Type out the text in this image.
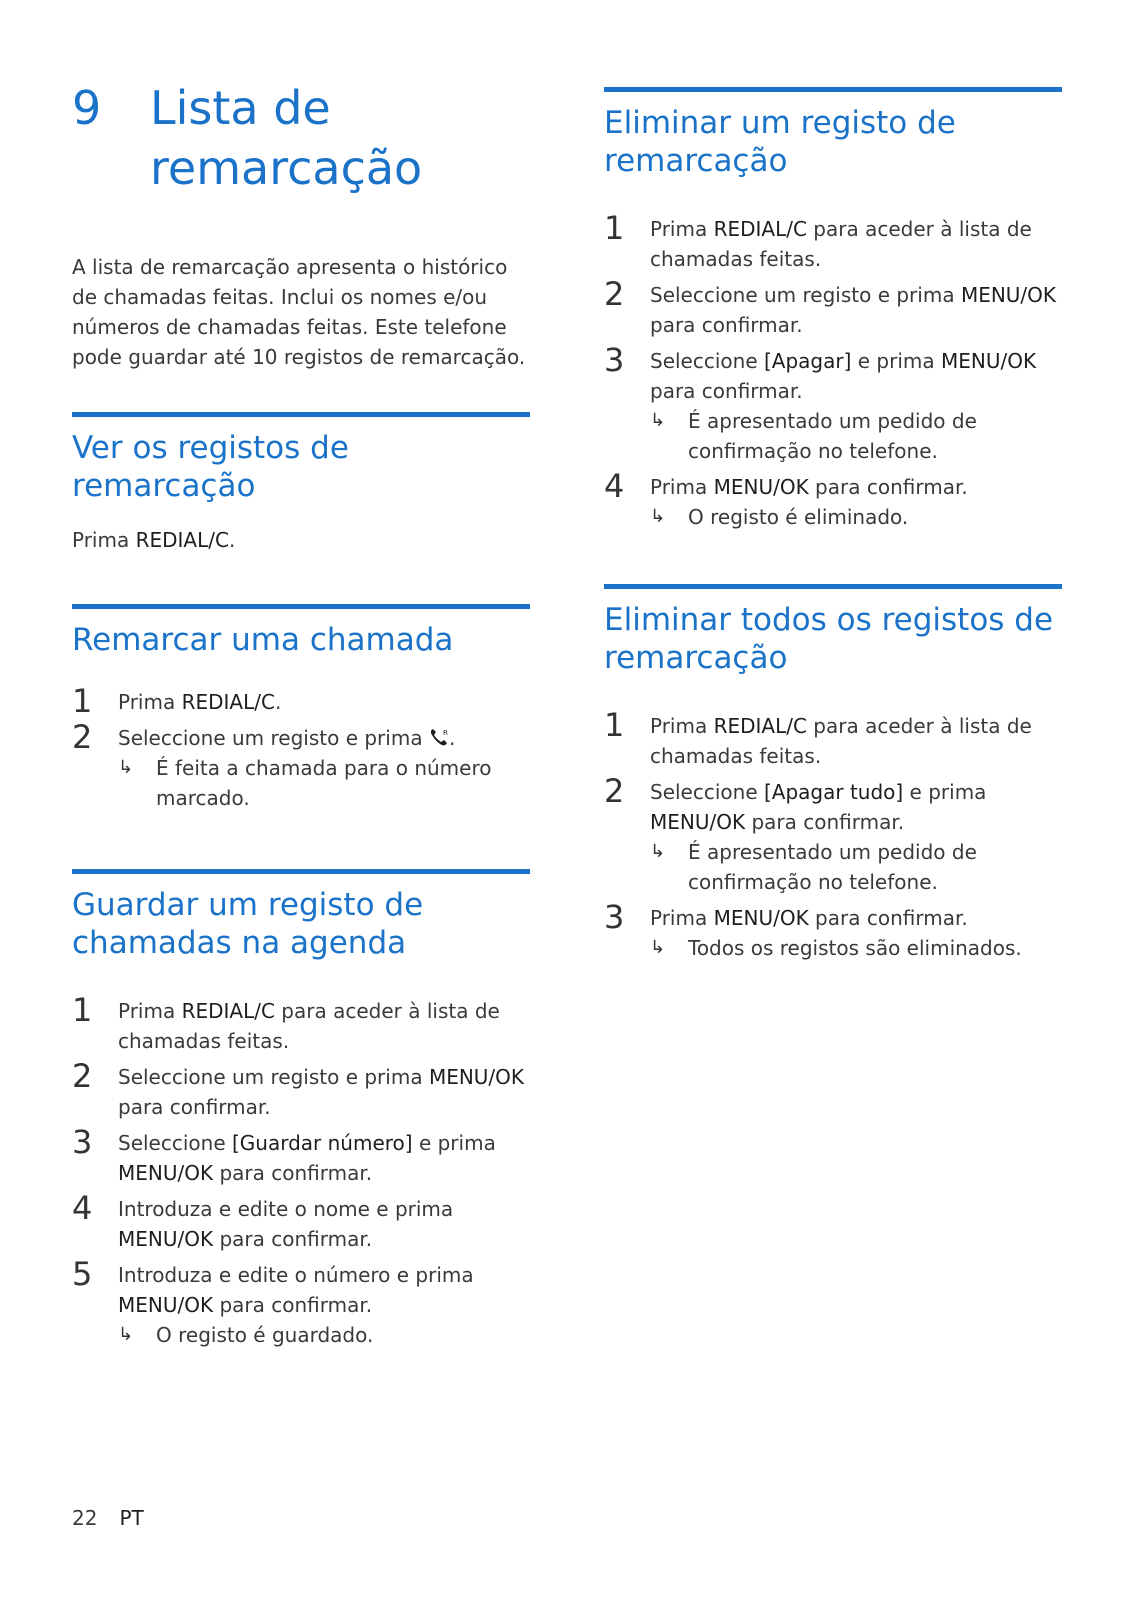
9 Lista de remarcação

A lista de remarcação apresenta o histórico de chamadas feitas. Inclui os nomes e/ou números de chamadas feitas. Este telefone pode guardar até 10 registos de remarcação.

Ver os registos de remarcação

Prima REDIAL/C.

Remarcar uma chamada
1 Prima REDIAL/C.
2 Seleccione um registo e prima R .
↳ É feita a chamada para o número marcado.
Guardar um registo de chamadas na agenda
1 Prima REDIAL/C para aceder à lista de chamadas feitas.
2 Seleccione um registo e prima MENU/OK para confirmar.
3 Seleccione [Guardar número] e prima MENU/OK para confirmar.
4 Introduza e edite o nome e prima MENU/OK para confirmar.
5 Introduza e edite o número e prima MENU/OK para confirmar.
↳ O registo é guardado.
Eliminar um registo de remarcação
1 Prima REDIAL/C para aceder à lista de chamadas feitas.
2 Seleccione um registo e prima MENU/OK para confirmar.
3 Seleccione [Apagar] e prima MENU/OK para confirmar.
↳ É apresentado um pedido de confirmação no telefone.
4 Prima MENU/OK para confirmar.
↳ O registo é eliminado.
Eliminar todos os registos de remarcação
1 Prima REDIAL/C para aceder à lista de chamadas feitas.
2 Seleccione [Apagar tudo] e prima MENU/OK para confirmar.
↳ É apresentado um pedido de confirmação no telefone.
3 Prima MENU/OK para confirmar.
↳ Todos os registos são eliminados.
22 PT
